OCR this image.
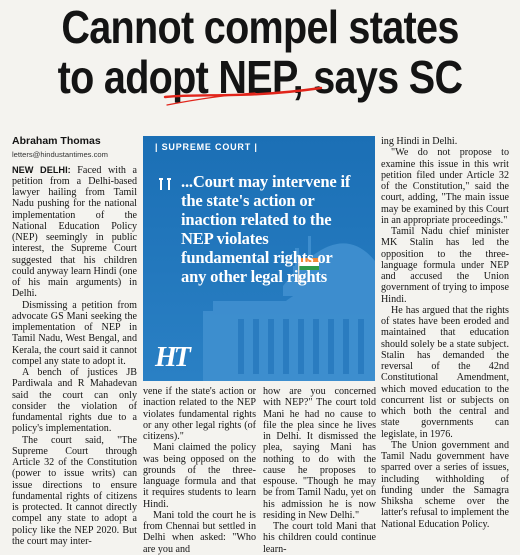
Cannot compel states
to adopt NEP, says SC
Abraham Thomas
letters@hindustantimes.com

NEW DELHI: Faced with a petition from a Delhi-based lawyer hailing from Tamil Nadu pushing for the national implementation of the National Education Policy (NEP) seemingly in public interest, the Supreme Court suggested that his children could anyway learn Hindi (one of his main arguments) in Delhi.

Dismissing a petition from advocate GS Mani seeking the implementation of NEP in Tamil Nadu, West Bengal, and Kerala, the court said it cannot compel any state to adopt it.

A bench of justices JB Pardiwala and R Mahadevan said the court can only consider the violation of fundamental rights due to a policy's implementation.

The court said, "The Supreme Court through Article 32 of the Constitution (power to issue writs) can issue directions to ensure fundamental rights of citizens is protected. It cannot directly compel any state to adopt a policy like the NEP 2020. But the court may inter-

| SUPREME COURT |
...Court may intervene if the state's action or inaction related to the NEP violates fundamental rights or any other legal rights
HT

vene if the state's action or inaction related to the NEP violates fundamental rights or any other legal rights (of citizens)."

Mani claimed the policy was being opposed on the grounds of the three-language formula and that it requires students to learn Hindi.

Mani told the court he is from Chennai but settled in Delhi when asked: "Who are you and

how are you concerned with NEP?" The court told Mani he had no cause to file the plea since he lives in Delhi. It dismissed the plea, saying Mani has nothing to do with the cause he proposes to espouse. "Though he may be from Tamil Nadu, yet on his admission he is now residing in New Delhi."

The court told Mani that his children could continue learn-

ing Hindi in Delhi.

"We do not propose to examine this issue in this writ petition filed under Article 32 of the Constitution," said the court, adding, "The main issue may be examined by this Court in an appropriate proceedings."

Tamil Nadu chief minister MK Stalin has led the opposition to the three-language formula under NEP and accused the Union government of trying to impose Hindi.

He has argued that the rights of states have been eroded and maintained that education should solely be a state subject. Stalin has demanded the reversal of the 42nd Constitutional Amendment, which moved education to the concurrent list or subjects on which both the central and state governments can legislate, in 1976.

The Union government and Tamil Nadu government have sparred over a series of issues, including withholding of funding under the Samagra Shiksha scheme over the latter's refusal to implement the National Education Policy.
